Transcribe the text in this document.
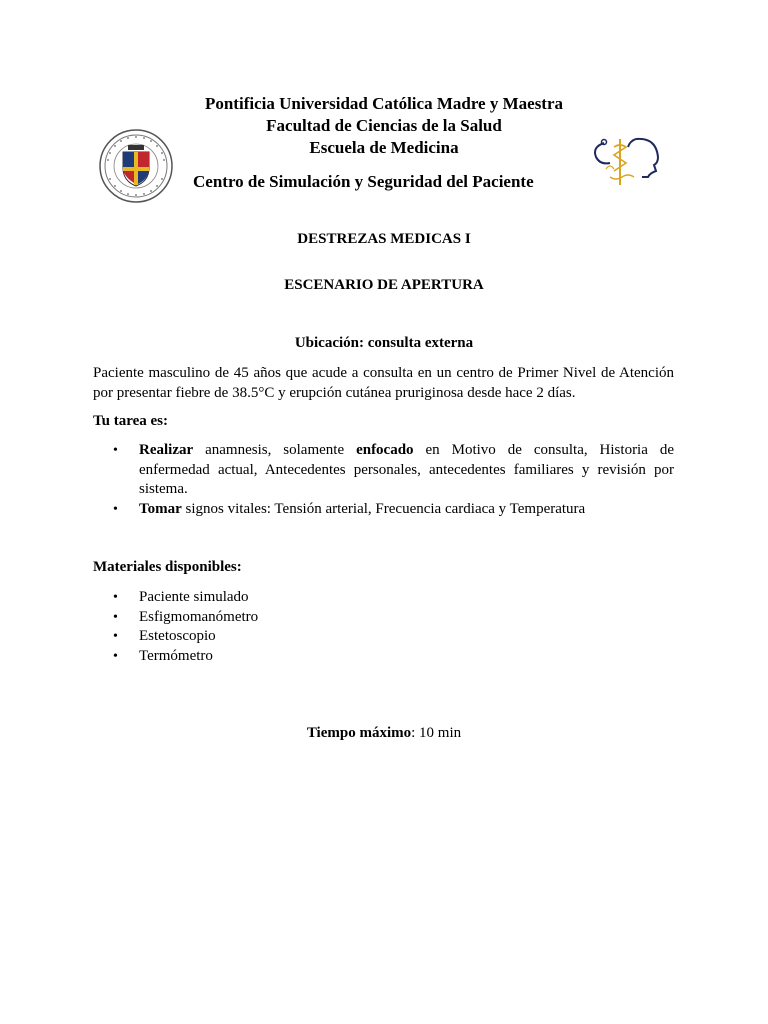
Pontificia Universidad Católica Madre y Maestra
Facultad de Ciencias de la Salud
Escuela de Medicina
Centro de Simulación y Seguridad del Paciente
DESTREZAS MEDICAS I
ESCENARIO DE APERTURA
Ubicación: consulta externa
Paciente masculino de 45 años que acude a consulta en un centro de Primer Nivel de Atención por presentar fiebre de 38.5°C y erupción cutánea pruriginosa desde hace 2 días.
Tu tarea es:
• Realizar anamnesis, solamente enfocado en Motivo de consulta, Historia de enfermedad actual, Antecedentes personales, antecedentes familiares y revisión por sistema.
• Tomar signos vitales: Tensión arterial, Frecuencia cardiaca y Temperatura
Materiales disponibles:
• Paciente simulado
• Esfigmomanómetro
• Estetoscopio
• Termómetro
Tiempo máximo: 10 min
